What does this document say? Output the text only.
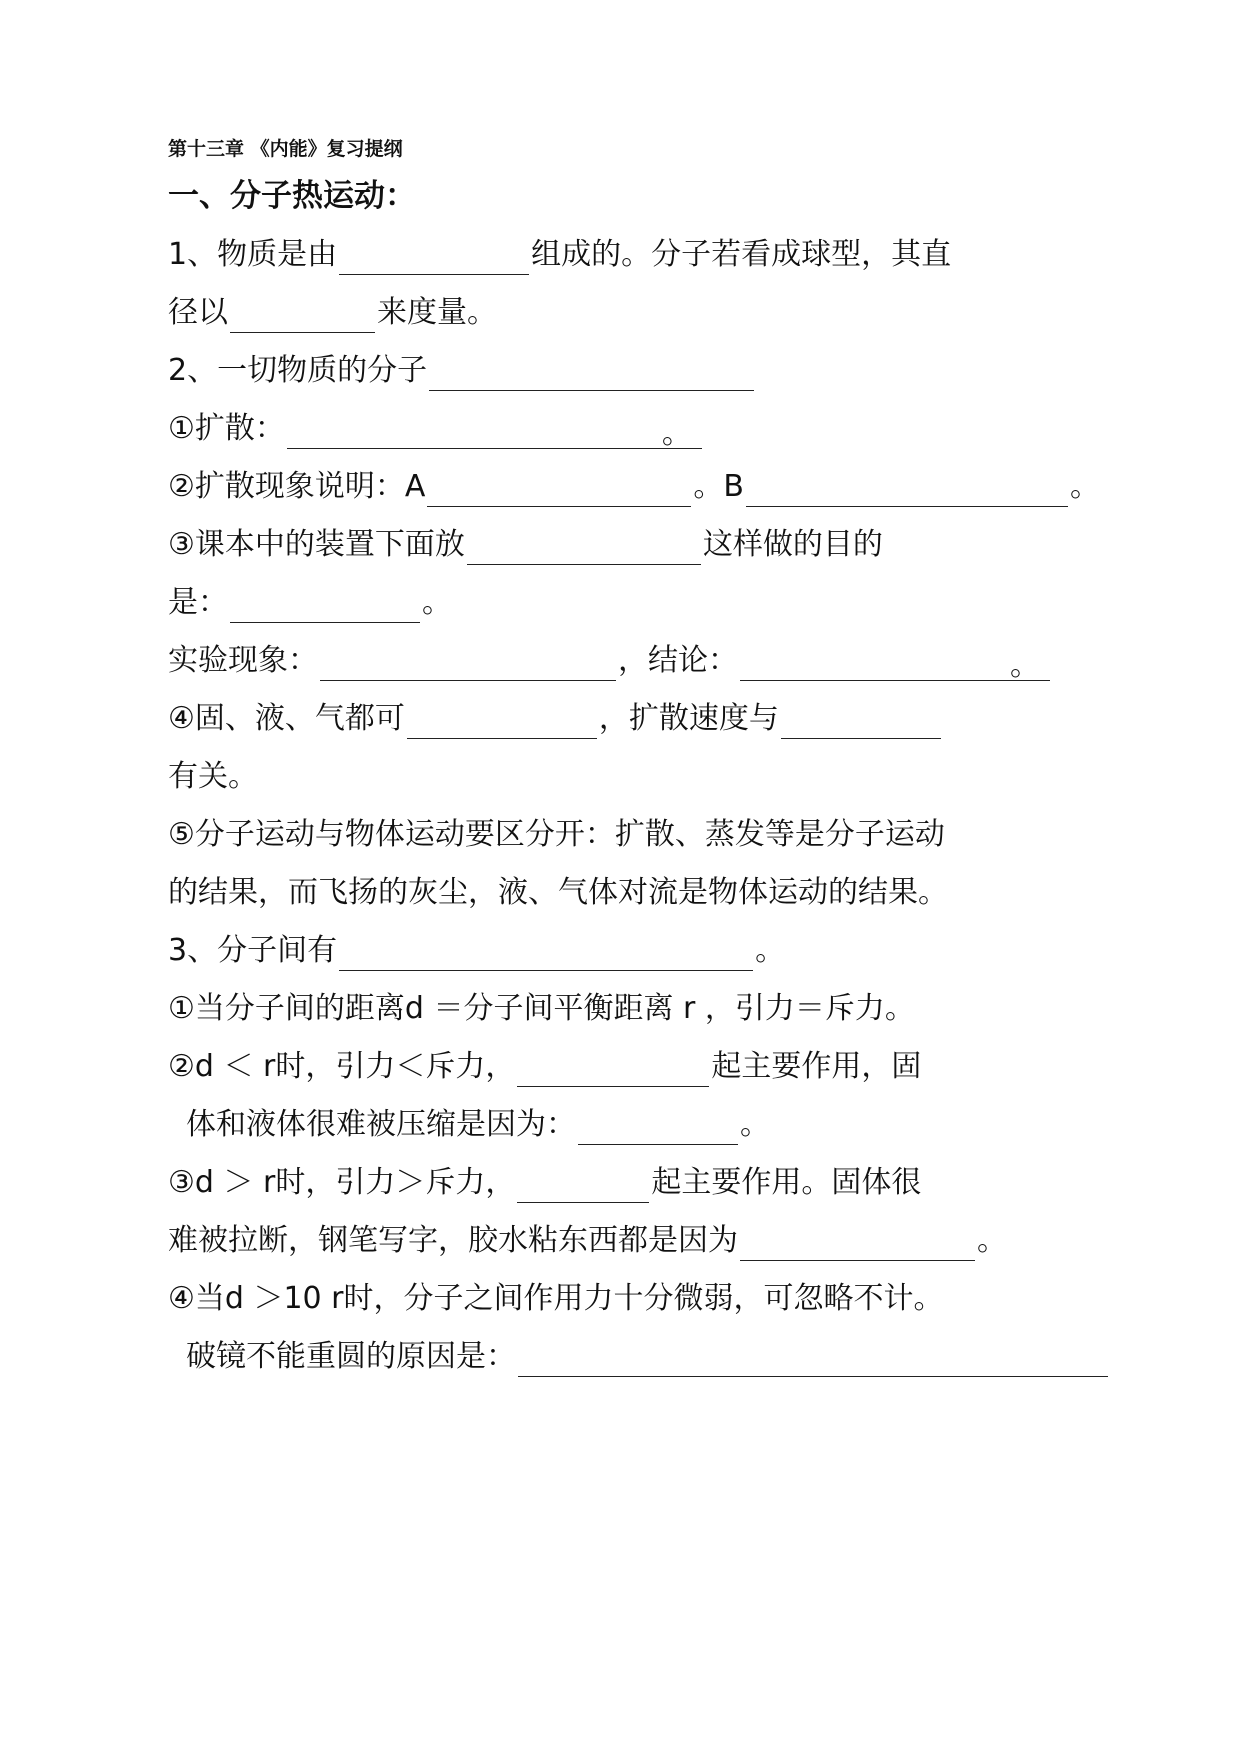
第十三章 《内能》复习提纲
一、分子热运动：
1、物质是由	组成的。分子若看成球型，其直
径以	来度量。
2、一切物质的分子
①扩散：	。
②扩散现象说明：A	。B	。
③课本中的装置下面放	这样做的目的
是：	。
实验现象：	，结论：	。
④固、液、气都可	，扩散速度与
有关。
⑤分子运动与物体运动要区分开：扩散、蒸发等是分子运动
的结果，而飞扬的灰尘，液、气体对流是物体运动的结果。
3、分子间有	。
①当分子间的距离d ＝分子间平衡距离 r ，引力＝斥力。
②d ＜ r时，引力＜斥力，	起主要作用，固
体和液体很难被压缩是因为：	。
③d ＞ r时，引力＞斥力，	起主要作用。固体很
难被拉断，钢笔写字，胶水粘东西都是因为	。
④当d ＞10 r时，分子之间作用力十分微弱，可忽略不计。
破镜不能重圆的原因是：
